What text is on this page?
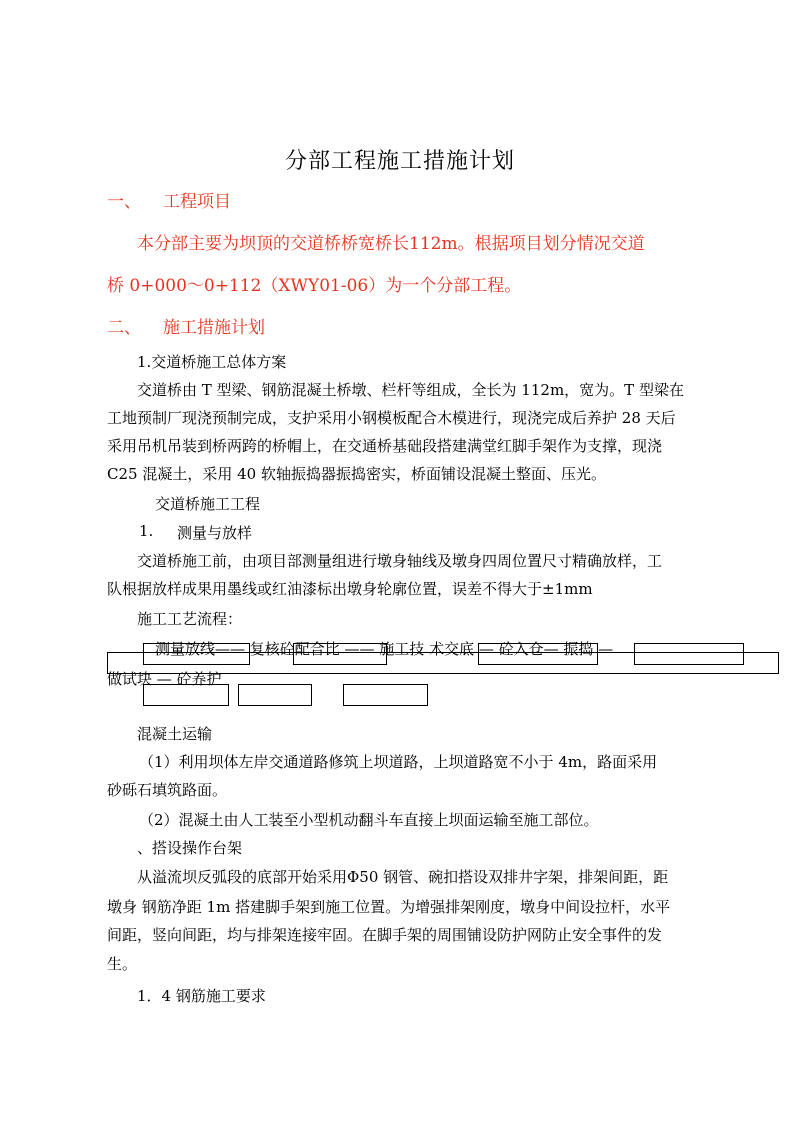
分部工程施工措施计划
一、 工程项目
本分部主要为坝顶的交道桥桥宽桥长112m。根据项目划分情况交道
桥 0+000～0+112（XWY01-06）为一个分部工程。
二、 施工措施计划
1.交道桥施工总体方案
交道桥由 T 型梁、钢筋混凝土桥墩、栏杆等组成，全长为 112m，宽为。T 型梁在
工地预制厂现浇预制完成，支护采用小钢模板配合木模进行，现浇完成后养护 28 天后
采用吊机吊装到桥两跨的桥帽上，在交通桥基础段搭建满堂红脚手架作为支撑，现浇
C25 混凝土，采用 40 软轴振捣器振捣密实，桥面铺设混凝土整面、压光。
交道桥施工工程
1. 测量与放样
交道桥施工前，由项目部测量组进行墩身轴线及墩身四周位置尺寸精确放样，工
队根据放样成果用墨线或红油漆标出墩身轮廓位置，误差不得大于±1mm
施工工艺流程：
测量放线—— 复核砼配合比 —— 施工技 术交底 — 砼入仓— 振捣 —
做试块 — 砼养护
混凝土运输
（1）利用坝体左岸交通道路修筑上坝道路，上坝道路宽不小于 4m，路面采用
砂砾石填筑路面。
（2）混凝土由人工装至小型机动翻斗车直接上坝面运输至施工部位。
、搭设操作台架
从溢流坝反弧段的底部开始采用Φ50 钢管、碗扣搭设双排井字架，排架间距，距
墩身 钢筋净距 1m 搭建脚手架到施工位置。为增强排架刚度，墩身中间设拉杆，水平
间距，竖向间距，均与排架连接牢固。在脚手架的周围铺设防护网防止安全事件的发
生。
1．4 钢筋施工要求
